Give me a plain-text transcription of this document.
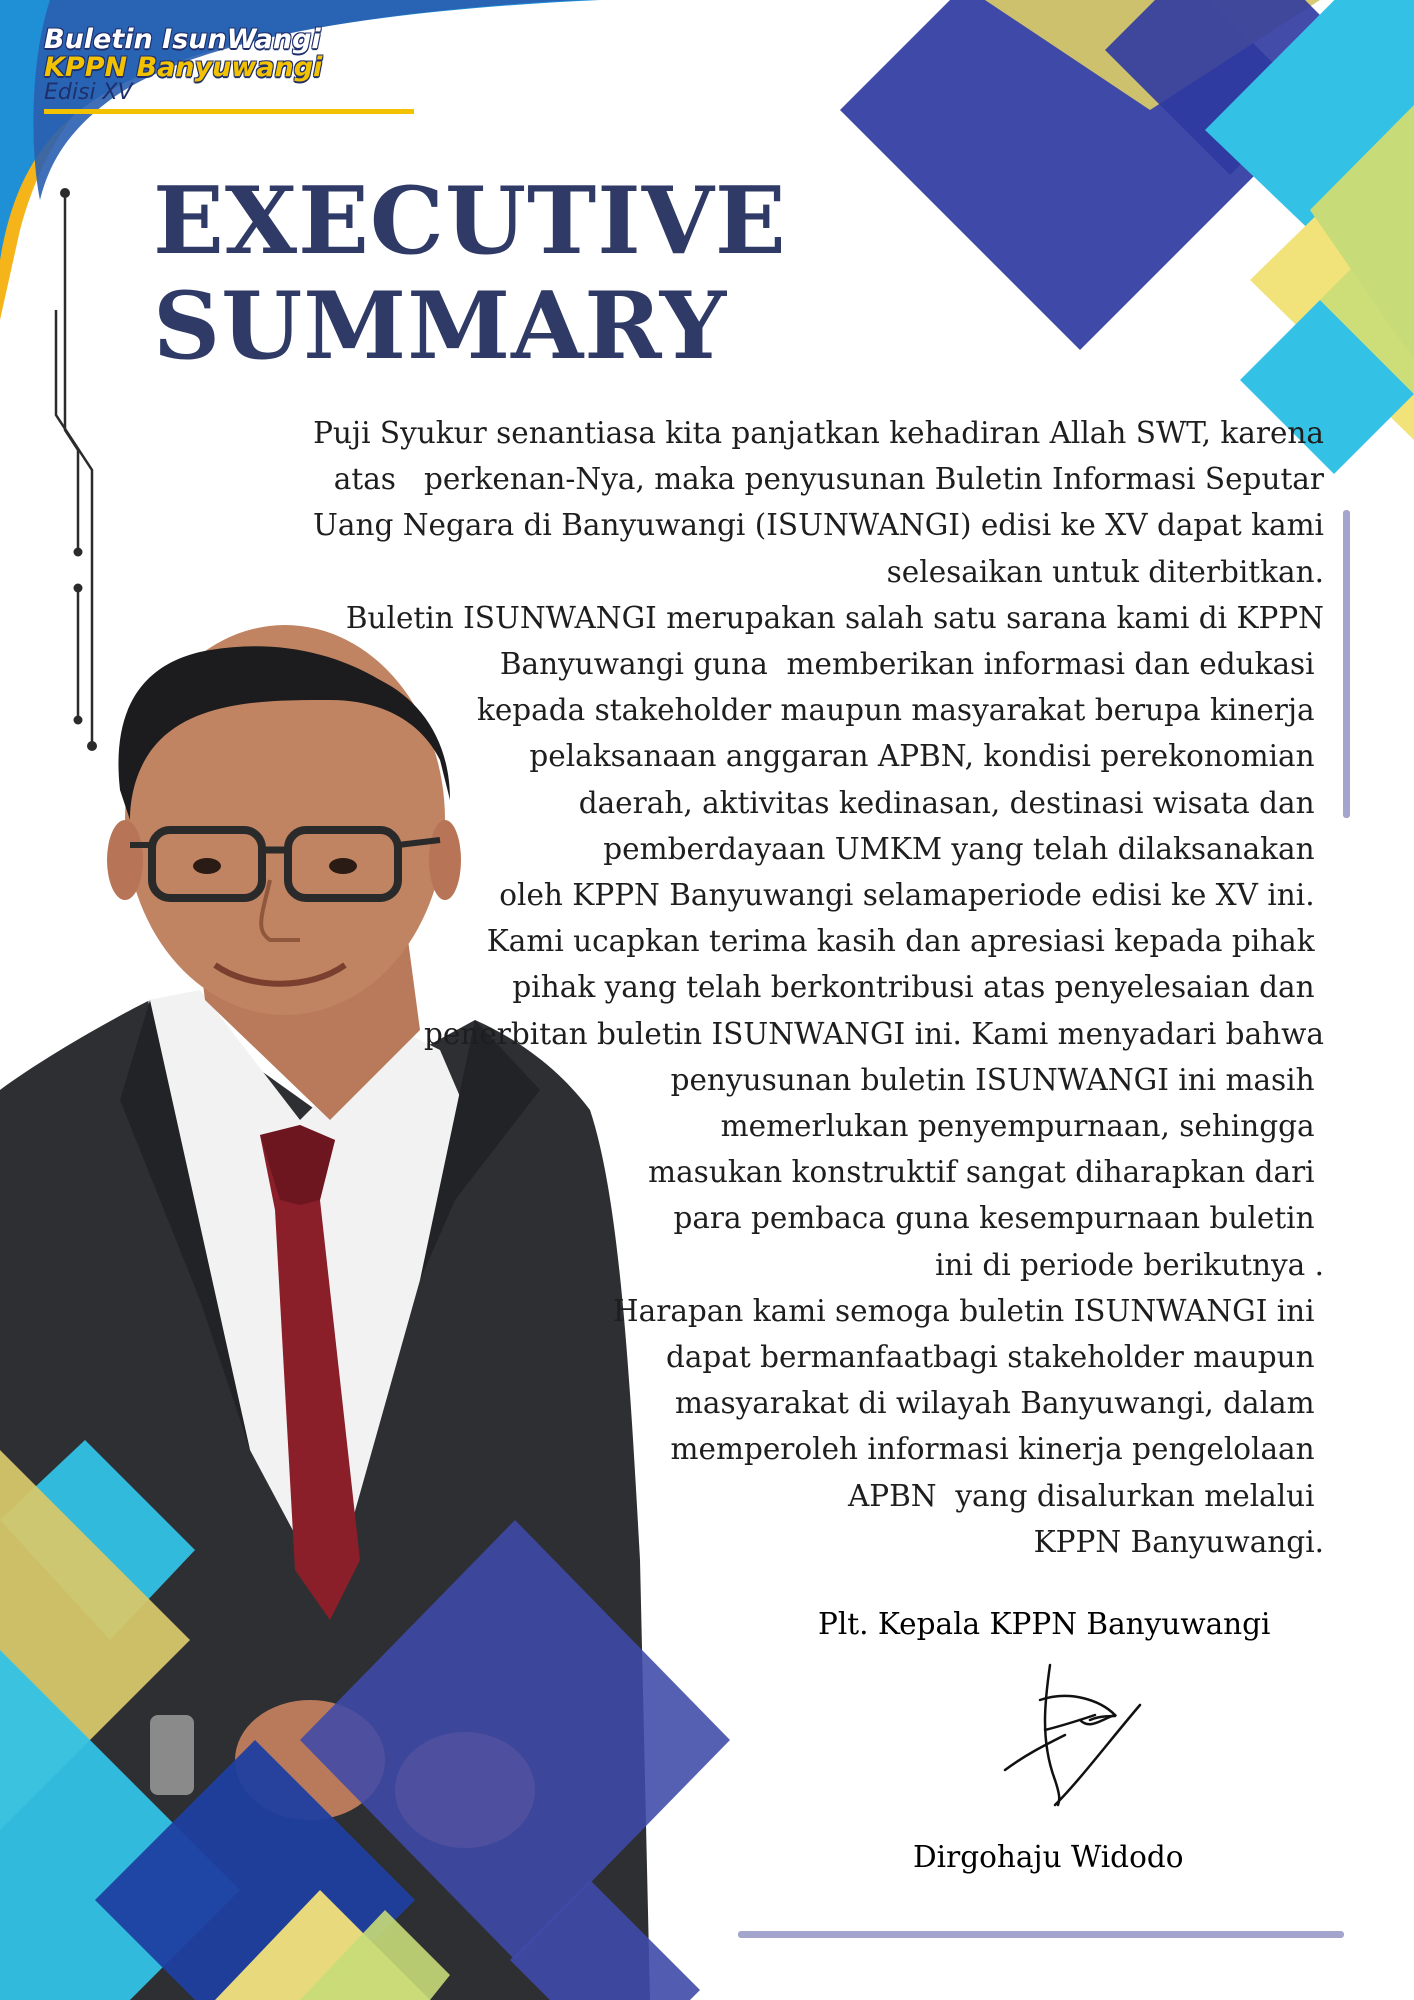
Buletin IsunWangi
KPPN Banyuwangi
Edisi XV
EXECUTIVE
SUMMARY
Puji Syukur senantiasa kita panjatkan kehadiran Allah SWT, karena
atas   perkenan-Nya, maka penyusunan Buletin Informasi Seputar
Uang Negara di Banyuwangi (ISUNWANGI) edisi ke XV dapat kami
selesaikan untuk diterbitkan.
Buletin ISUNWANGI merupakan salah satu sarana kami di KPPN
Banyuwangi guna  memberikan informasi dan edukasi
kepada stakeholder maupun masyarakat berupa kinerja
pelaksanaan anggaran APBN, kondisi perekonomian
daerah, aktivitas kedinasan, destinasi wisata dan
pemberdayaan UMKM yang telah dilaksanakan
oleh KPPN Banyuwangi selamaperiode edisi ke XV ini.
Kami ucapkan terima kasih dan apresiasi kepada pihak
pihak yang telah berkontribusi atas penyelesaian dan
penerbitan buletin ISUNWANGI ini. Kami menyadari bahwa
penyusunan buletin ISUNWANGI ini masih
memerlukan penyempurnaan, sehingga
masukan konstruktif sangat diharapkan dari
para pembaca guna kesempurnaan buletin
ini di periode berikutnya .
Harapan kami semoga buletin ISUNWANGI ini
dapat bermanfaatbagi stakeholder maupun
masyarakat di wilayah Banyuwangi, dalam
memperoleh informasi kinerja pengelolaan
APBN  yang disalurkan melalui
KPPN Banyuwangi.
Plt. Kepala KPPN Banyuwangi
Dirgohaju Widodo
